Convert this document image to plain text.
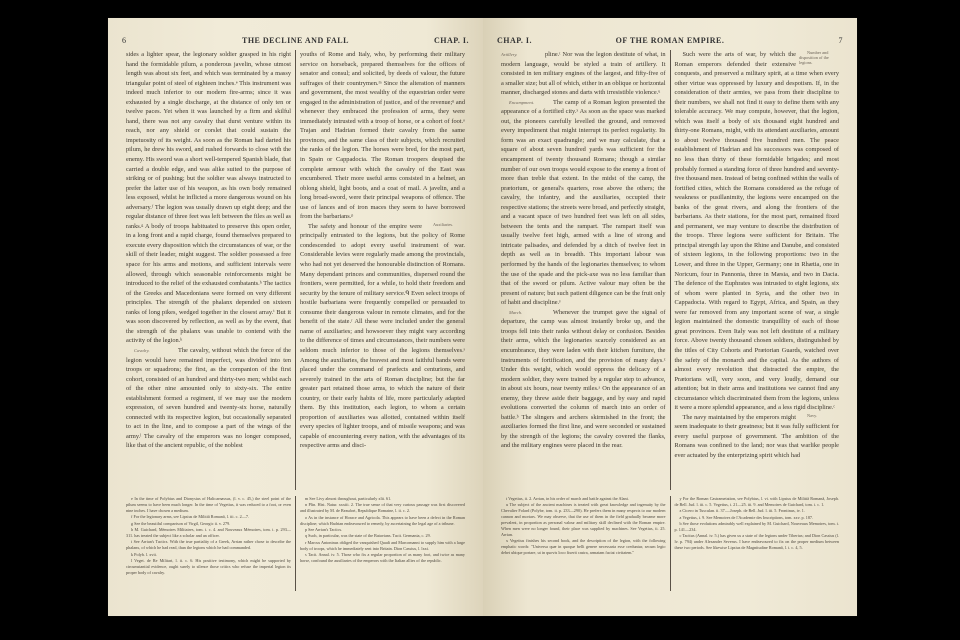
6	THE DECLINE AND FALL	CHAP. I.

sides a lighter spear, the legionary soldier grasped in his right hand the formidable pilum, a ponderous javelin, whose utmost length was about six feet, and which was terminated by a massy triangular point of steel of eighteen inches.ᵉ This instrument was indeed much inferior to our modern fire-arms; since it was exhausted by a single discharge, at the distance of only ten or twelve paces. Yet when it was launched by a firm and skilful hand, there was not any cavalry that durst venture within its reach, nor any shield or corslet that could sustain the impetuosity of its weight. As soon as the Roman had darted his pilum, he drew his sword, and rushed forwards to close with the enemy. His sword was a short well-tempered Spanish blade, that carried a double edge, and was alike suited to the purpose of striking or of pushing; but the soldier was always instructed to prefer the latter use of his weapon, as his own body remained less exposed, whilst he inflicted a more dangerous wound on his adversary.ᶠ The legion was usually drawn up eight deep; and the regular distance of three feet was left between the files as well as ranks.ᵍ A body of troops habituated to preserve this open order, in a long front and a rapid charge, found themselves prepared to execute every disposition which the circumstances of war, or the skill of their leader, might suggest. The soldier possessed a free space for his arms and motions, and sufficient intervals were allowed, through which seasonable reinforcements might be introduced to the relief of the exhausted combatants.ʰ The tactics of the Greeks and Macedonians were formed on very different principles. The strength of the phalanx depended on sixteen ranks of long pikes, wedged together in the closest array.ⁱ But it was soon discovered by reflection, as well as by the event, that the strength of the phalanx was unable to contend with the activity of the legion.ᵏ

Cavalry.	The cavalry, without which the force of the legion would have remained imperfect, was divided into ten troops or squadrons; the first, as the companion of the first cohort, consisted of an hundred and thirty-two men; whilst each of the other nine amounted only to sixty-six. The entire establishment formed a regiment, if we may use the modern expression, of seven hundred and twenty-six horse, naturally connected with its respective legion, but occasionally separated to act in the line, and to compose a part of the wings of the army.ˡ The cavalry of the emperors was no longer composed, like that of the ancient republic, of the noblest

youths of Rome and Italy, who, by performing their military service on horseback, prepared themselves for the offices of senator and consul; and solicited, by deeds of valour, the future suffrages of their countrymen.ᵐ Since the alteration of manners and government, the most wealthy of the equestrian order were engaged in the administration of justice, and of the revenue;ⁿ and whenever they embraced the profession of arms, they were immediately intrusted with a troop of horse, or a cohort of foot.ᵒ Trajan and Hadrian formed their cavalry from the same provinces, and the same class of their subjects, which recruited the ranks of the legion. The horses were bred, for the most part, in Spain or Cappadocia. The Roman troopers despised the complete armour with which the cavalry of the East was encumbered. Their more useful arms consisted in a helmet, an oblong shield, light boots, and a coat of mail. A javelin, and a long broad-sword, were their principal weapons of offence. The use of lances and of iron maces they seem to have borrowed from the barbarians.ᵖ

Auxiliaries.
The safety and honour of the empire were principally entrusted to the legions, but the policy of Rome condescended to adopt every useful instrument of war. Considerable levies were regularly made among the provincials, who had not yet deserved the honourable distinction of Romans. Many dependant princes and communities, dispersed round the frontiers, were permitted, for a while, to hold their freedom and security by the tenure of military service.ᑫ Even select troops of hostile barbarians were frequently compelled or persuaded to consume their dangerous valour in remote climates, and for the benefit of the state.ʳ All these were included under the general name of auxiliaries; and howsoever they might vary according to the difference of times and circumstances, their numbers were seldom much inferior to those of the legions themselves.ˢ Among the auxiliaries, the bravest and most faithful bands were placed under the command of præfects and centurions, and severely trained in the arts of Roman discipline; but the far greater part retained those arms, to which the nature of their country, or their early habits of life, more particularly adapted them. By this institution, each legion, to whom a certain proportion of auxiliaries was allotted, contained within itself every species of lighter troops, and of missile weapons; and was capable of encountering every nation, with the advantages of its respective arms and disci-

e In the time of Polybius and Dionysius of Halicarnassus, (l. v. c. 45,) the steel point of the pilum seems to have been much longer. In the time of Vegetius, it was reduced to a foot, or even nine inches. I have chosen a medium.

f For the legionary arms, see Lipsius de Militiâ Romanâ, l. iii. c. 2—7.

g See the beautiful comparison of Virgil, Georgic ii. v. 279.

h M. Guichard, Mémoires Militaires, tom. i. c. 4. and Nouveaux Mémoires, tom. i. p. 293—311. has treated the subject like a scholar and an officer.

i See Arrian's Tactics. With the true partiality of a Greek, Arrian rather chose to describe the phalanx, of which he had read, than the legions which he had commanded.

k Polyb. l. xvii.

l Veget. de Re Militari, l. ii. c. 6. His positive testimony, which might be supported by circumstantial evidence, ought surely to silence those critics who refuse the imperial legion its proper body of cavalry.

m See Livy almost throughout, particularly xlii. 61.

n Plin. Hist. Natur. xxxiii. 2. The true sense of that very curious passage was first discovered and illustrated by M. de Beaufort, Republique Romaine, l. ii. c. 2.

o As in the instance of Horace and Agricola. This appears to have been a defect in the Roman discipline; which Hadrian endeavoured to remedy, by ascertaining the legal age of a tribune.

p See Arrian's Tactics.

q Such, in particular, was the state of the Batavians. Tacit. Germania, c. 29.

r Marcus Antoninus obliged the vanquished Quadi and Marcomanni to supply him with a large body of troops, which he immediately sent into Britain. Dion Cassius, l. lxxi.

s Tacit. Annal. iv. 5. Those who fix a regular proportion of as many foot, and twice as many horse, confound the auxiliaries of the emperors with the Italian allies of the republic.

7
OF THE ROMAN EMPIRE.
CHAP. I.

Artillery.	pline.ᵗ Nor was the legion destitute of what, in modern language, would be styled a train of artillery. It consisted in ten military engines of the largest, and fifty-five of a smaller size; but all of which, either in an oblique or horizontal manner, discharged stones and darts with irresistible violence.ᵘ

Encampment.	The camp of a Roman legion presented the appearance of a fortified city.ˣ As soon as the space was marked out, the pioneers carefully levelled the ground, and removed every impediment that might interrupt its perfect regularity. Its form was an exact quadrangle; and we may calculate, that a square of about seven hundred yards was sufficient for the encampment of twenty thousand Romans; though a similar number of our own troops would expose to the enemy a front of more than treble that extent. In the midst of the camp, the prætorium, or general's quarters, rose above the others; the cavalry, the infantry, and the auxiliaries, occupied their respective stations; the streets were broad, and perfectly straight, and a vacant space of two hundred feet was left on all sides, between the tents and the rampart. The rampart itself was usually twelve feet high, armed with a line of strong and intricate palisades, and defended by a ditch of twelve feet in depth as well as in breadth. This important labour was performed by the hands of the legionaries themselves; to whom the use of the spade and the pick-axe was no less familiar than that of the sword or pilum. Active valour may often be the present of nature; but such patient diligence can be the fruit only of habit and discipline.ʸ

March.	Whenever the trumpet gave the signal of departure, the camp was almost instantly broke up, and the troops fell into their ranks without delay or confusion. Besides their arms, which the legionaries scarcely considered as an encumbrance, they were laden with their kitchen furniture, the instruments of fortification, and the provision of many days.ᶻ Under this weight, which would oppress the delicacy of a modern soldier, they were trained by a regular step to advance, in about six hours, near twenty miles.ᵃ On the appearance of an enemy, they threw aside their baggage, and by easy and rapid evolutions converted the column of march into an order of battle.ᵇ The slingers and archers skirmished in the front; the auxiliaries formed the first line, and were seconded or sustained by the strength of the legions; the cavalry covered the flanks, and the military engines were placed in the rear.

Number and disposition of the legions.
Such were the arts of war, by which the Roman emperors defended their extensive conquests, and preserved a military spirit, at a time when every other virtue was oppressed by luxury and despotism. If, in the consideration of their armies, we pass from their discipline to their numbers, we shall not find it easy to define them with any tolerable accuracy. We may compute, however, that the legion, which was itself a body of six thousand eight hundred and thirty-one Romans, might, with its attendant auxiliaries, amount to about twelve thousand five hundred men. The peace establishment of Hadrian and his successors was composed of no less than thirty of these formidable brigades; and most probably formed a standing force of three hundred and seventy-five thousand men. Instead of being confined within the walls of fortified cities, which the Romans considered as the refuge of weakness or pusillanimity, the legions were encamped on the banks of the great rivers, and along the frontiers of the barbarians. As their stations, for the most part, remained fixed and permanent, we may venture to describe the distribution of the troops. Three legions were sufficient for Britain. The principal strength lay upon the Rhine and Danube, and consisted of sixteen legions, in the following proportions: two in the Lower, and three in the Upper, Germany; one in Rhætia, one in Noricum, four in Pannonia, three in Mæsia, and two in Dacia. The defence of the Euphrates was intrusted to eight legions, six of whom were planted in Syria, and the other two in Cappadocia. With regard to Egypt, Africa, and Spain, as they were far removed from any important scene of war, a single legion maintained the domestic tranquillity of each of those great provinces. Even Italy was not left destitute of a military force. Above twenty thousand chosen soldiers, distinguished by the titles of City Cohorts and Prætorian Guards, watched over the safety of the monarch and the capital. As the authors of almost every revolution that distracted the empire, the Prætorians will, very soon, and very loudly, demand our attention; but in their arms and institutions we cannot find any circumstance which discriminated them from the legions, unless it were a more splendid appearance, and a less rigid discipline.ᶜ

Navy.
The navy maintained by the emperors might seem inadequate to their greatness; but it was fully sufficient for every useful purpose of government. The ambition of the Romans was confined to the land; nor was that warlike people ever actuated by the enterprizing spirit which had

t Vegetius, ii. 2. Arrian, in his order of march and battle against the Alani.

u The subject of the ancient machines is treated with great knowledge and ingenuity by the Chevalier Folard (Polybe, tom. ii. p. 233—290). He prefers them in many respects to our modern cannon and mortars. We may observe, that the use of them in the field gradually became more prevalent, in proportion as personal valour and military skill declined with the Roman empire. When men were no longer found, their place was supplied by machines. See Vegetius, ii. 25. Arrian.

x Vegetius finishes his second book, and the description of the legion, with the following emphatic words: "Universa quæ in quoque belli genere necessaria esse creduntur, secum legio debet ubique portare, ut in quovis loco fixerit castra, armatam faciat civitatem."

y For the Roman Castrametation, see Polybius, l. vi. with Lipsius de Militiâ Romanâ, Joseph. de Bell. Jud. l. iii. c. 5. Vegetius, i. 21—25. iii. 9. and Memoires de Guichard, tom. i. c. 1.

z Cicero in Tusculan. ii. 37.—Joseph. de Bell. Jud. l. iii. 5. Frontinus, iv. 1.

a Vegetius, i. 9. See Memoires de l'Academie des Inscriptions, tom. xxv. p. 187.

b See those evolutions admirably well explained by M. Guichard, Nouveaux Memoires, tom. i. p. 141—234.

c Tacitus (Annal. iv. 5.) has given us a state of the legions under Tiberius; and Dion Cassius (l. lv. p. 794) under Alexander Severus. I have endeavoured to fix on the proper medium between these two periods. See likewise Lipsius de Magnitudine Romanâ, l. i. c. 4, 5.
